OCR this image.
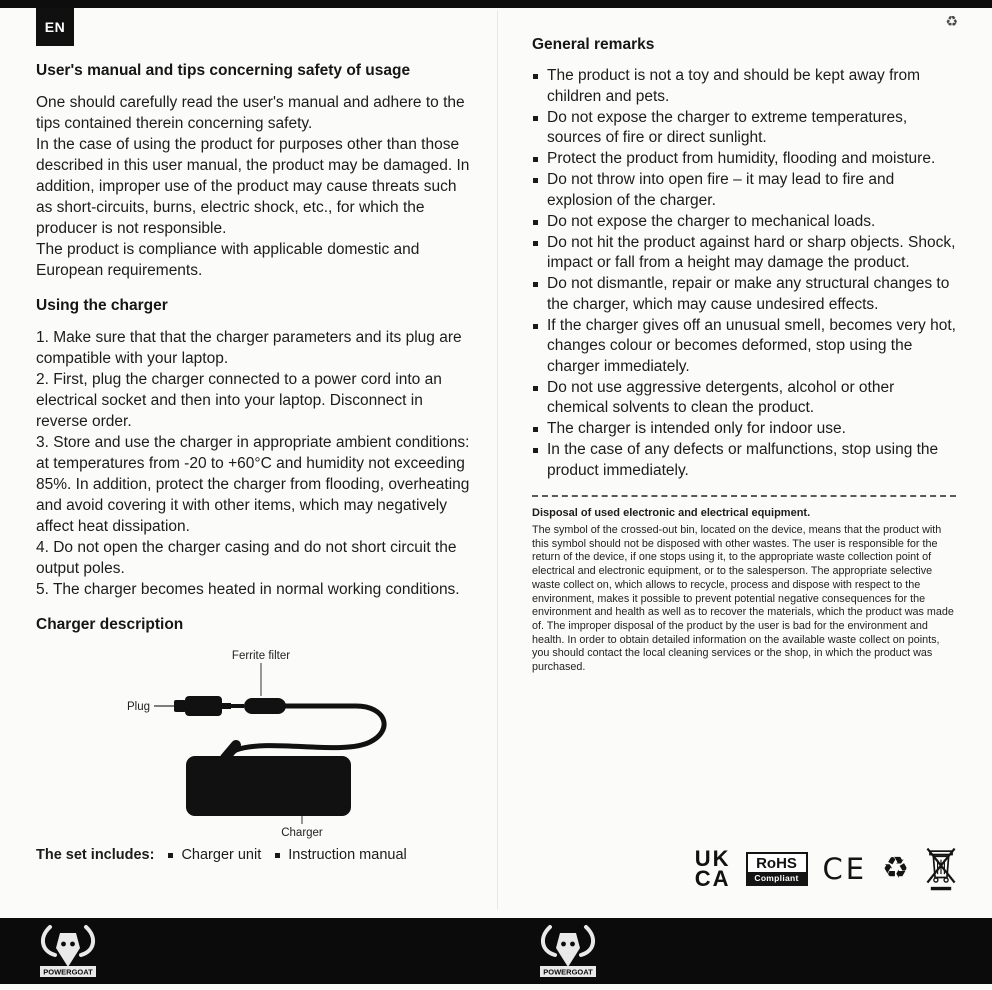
EN	♻
User's manual and tips concerning safety of usage

One should carefully read the user's manual and adhere to the tips contained therein concerning safety.

In the case of using the product for purposes other than those described in this user manual, the product may be damaged. In addition, improper use of the product may cause threats such as short-circuits, burns, electric shock, etc., for which the producer is not responsible.

The product is compliance with applicable domestic and European requirements.

Using the charger

1. Make sure that that the charger parameters and its plug are compatible with your laptop.

2. First, plug the charger connected to a power cord into an electrical socket and then into your laptop. Disconnect in reverse order.

3. Store and use the charger in appropriate ambient conditions: at temperatures from -20 to +60°C and humidity not exceeding 85%. In addition, protect the charger from flooding, overheating and avoid covering it with other items, which may negatively affect heat dissipation.

4. Do not open the charger casing and do not short circuit the output poles.

5. The charger becomes heated in normal working conditions.

Charger description
Ferrite filter
Plug
Charger
The set includes:	Charger unit	Instruction manual
General remarks
The product is not a toy and should be kept away from children and pets.
Do not expose the charger to extreme temperatures, sources of fire or direct sunlight.
Protect the product from humidity, flooding and moisture.
Do not throw into open fire – it may lead to fire and explosion of the charger.
Do not expose the charger to mechanical loads.
Do not hit the product against hard or sharp objects. Shock, impact or fall from a height may damage the product.
Do not dismantle, repair or make any structural changes to the charger, which may cause undesired effects.
If the charger gives off an unusual smell, becomes very hot, changes colour or becomes deformed, stop using the charger immediately.
Do not use aggressive detergents, alcohol or other chemical solvents to clean the product.
The charger is intended only for indoor use.
In the case of any defects or malfunctions, stop using the product immediately.

Disposal of used electronic and electrical equipment.

The symbol of the crossed-out bin, located on the device, means that the product with this symbol should not be disposed with other wastes. The user is responsible for the return of the device, if one stops using it, to the appropriate waste collection point of electrical and electronic equipment, or to the salesperson. The appropriate selective waste collect on, which allows to recycle, process and dispose with respect to the environment, makes it possible to prevent potential negative consequences for the environment and health as well as to recover the materials, which the product was made of. The improper disposal of the product by the user is bad for the environment and health. In order to obtain detailed information on the available waste collect on points, you should contact the local cleaning services or the shop, in which the product was purchased.

UK
CA
RoHS
Compliant CE ♻
POWERGOAT	POWERGOAT
